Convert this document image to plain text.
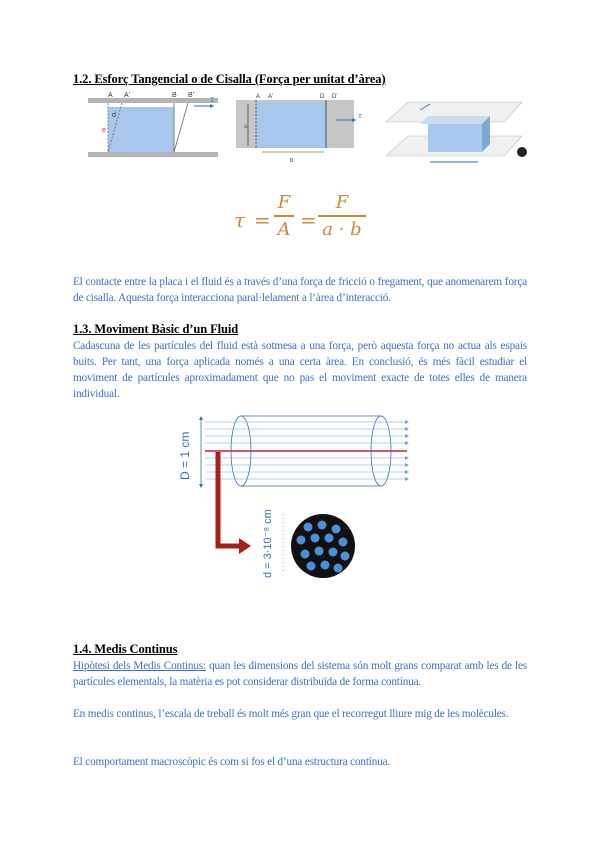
1.2. Esforç Tangencial o de Cisalla (Força per unitat d’àrea)
A A'	B B' τ
d
e
A A'	D D'
τ
a
b
τ =
F
A =
F
a · b

El contacte entre la placa i el fluid és a través d’una força de fricció o fregament, que anomenarem força de cisalla. Aquesta força interacciona paral·lelament a l’àrea d’interacció.

1.3. Moviment Bàsic d’un Fluid

Cadascuna de les partícules del fluid està sotmesa a una força, però aquesta força no actua als espais buits. Per tant, una força aplicada només a una certa àrea. En conclusió, és més fàcil estudiar el moviment de partícules aproximadament que no pas el moviment exacte de totes elles de manera individual.

D = 1 cm
d = 3·10⁻⁸ cm
1.4. Medis Continus

Hipòtesi dels Medis Continus: quan les dimensions del sistema són molt grans comparat amb les de les partícules elementals, la matèria es pot considerar distribuïda de forma contínua.

En medis continus, l’escala de treball és molt més gran que el recorregut lliure mig de les molècules.

El comportament macroscòpic és com si fos el d’una estructura contínua.
